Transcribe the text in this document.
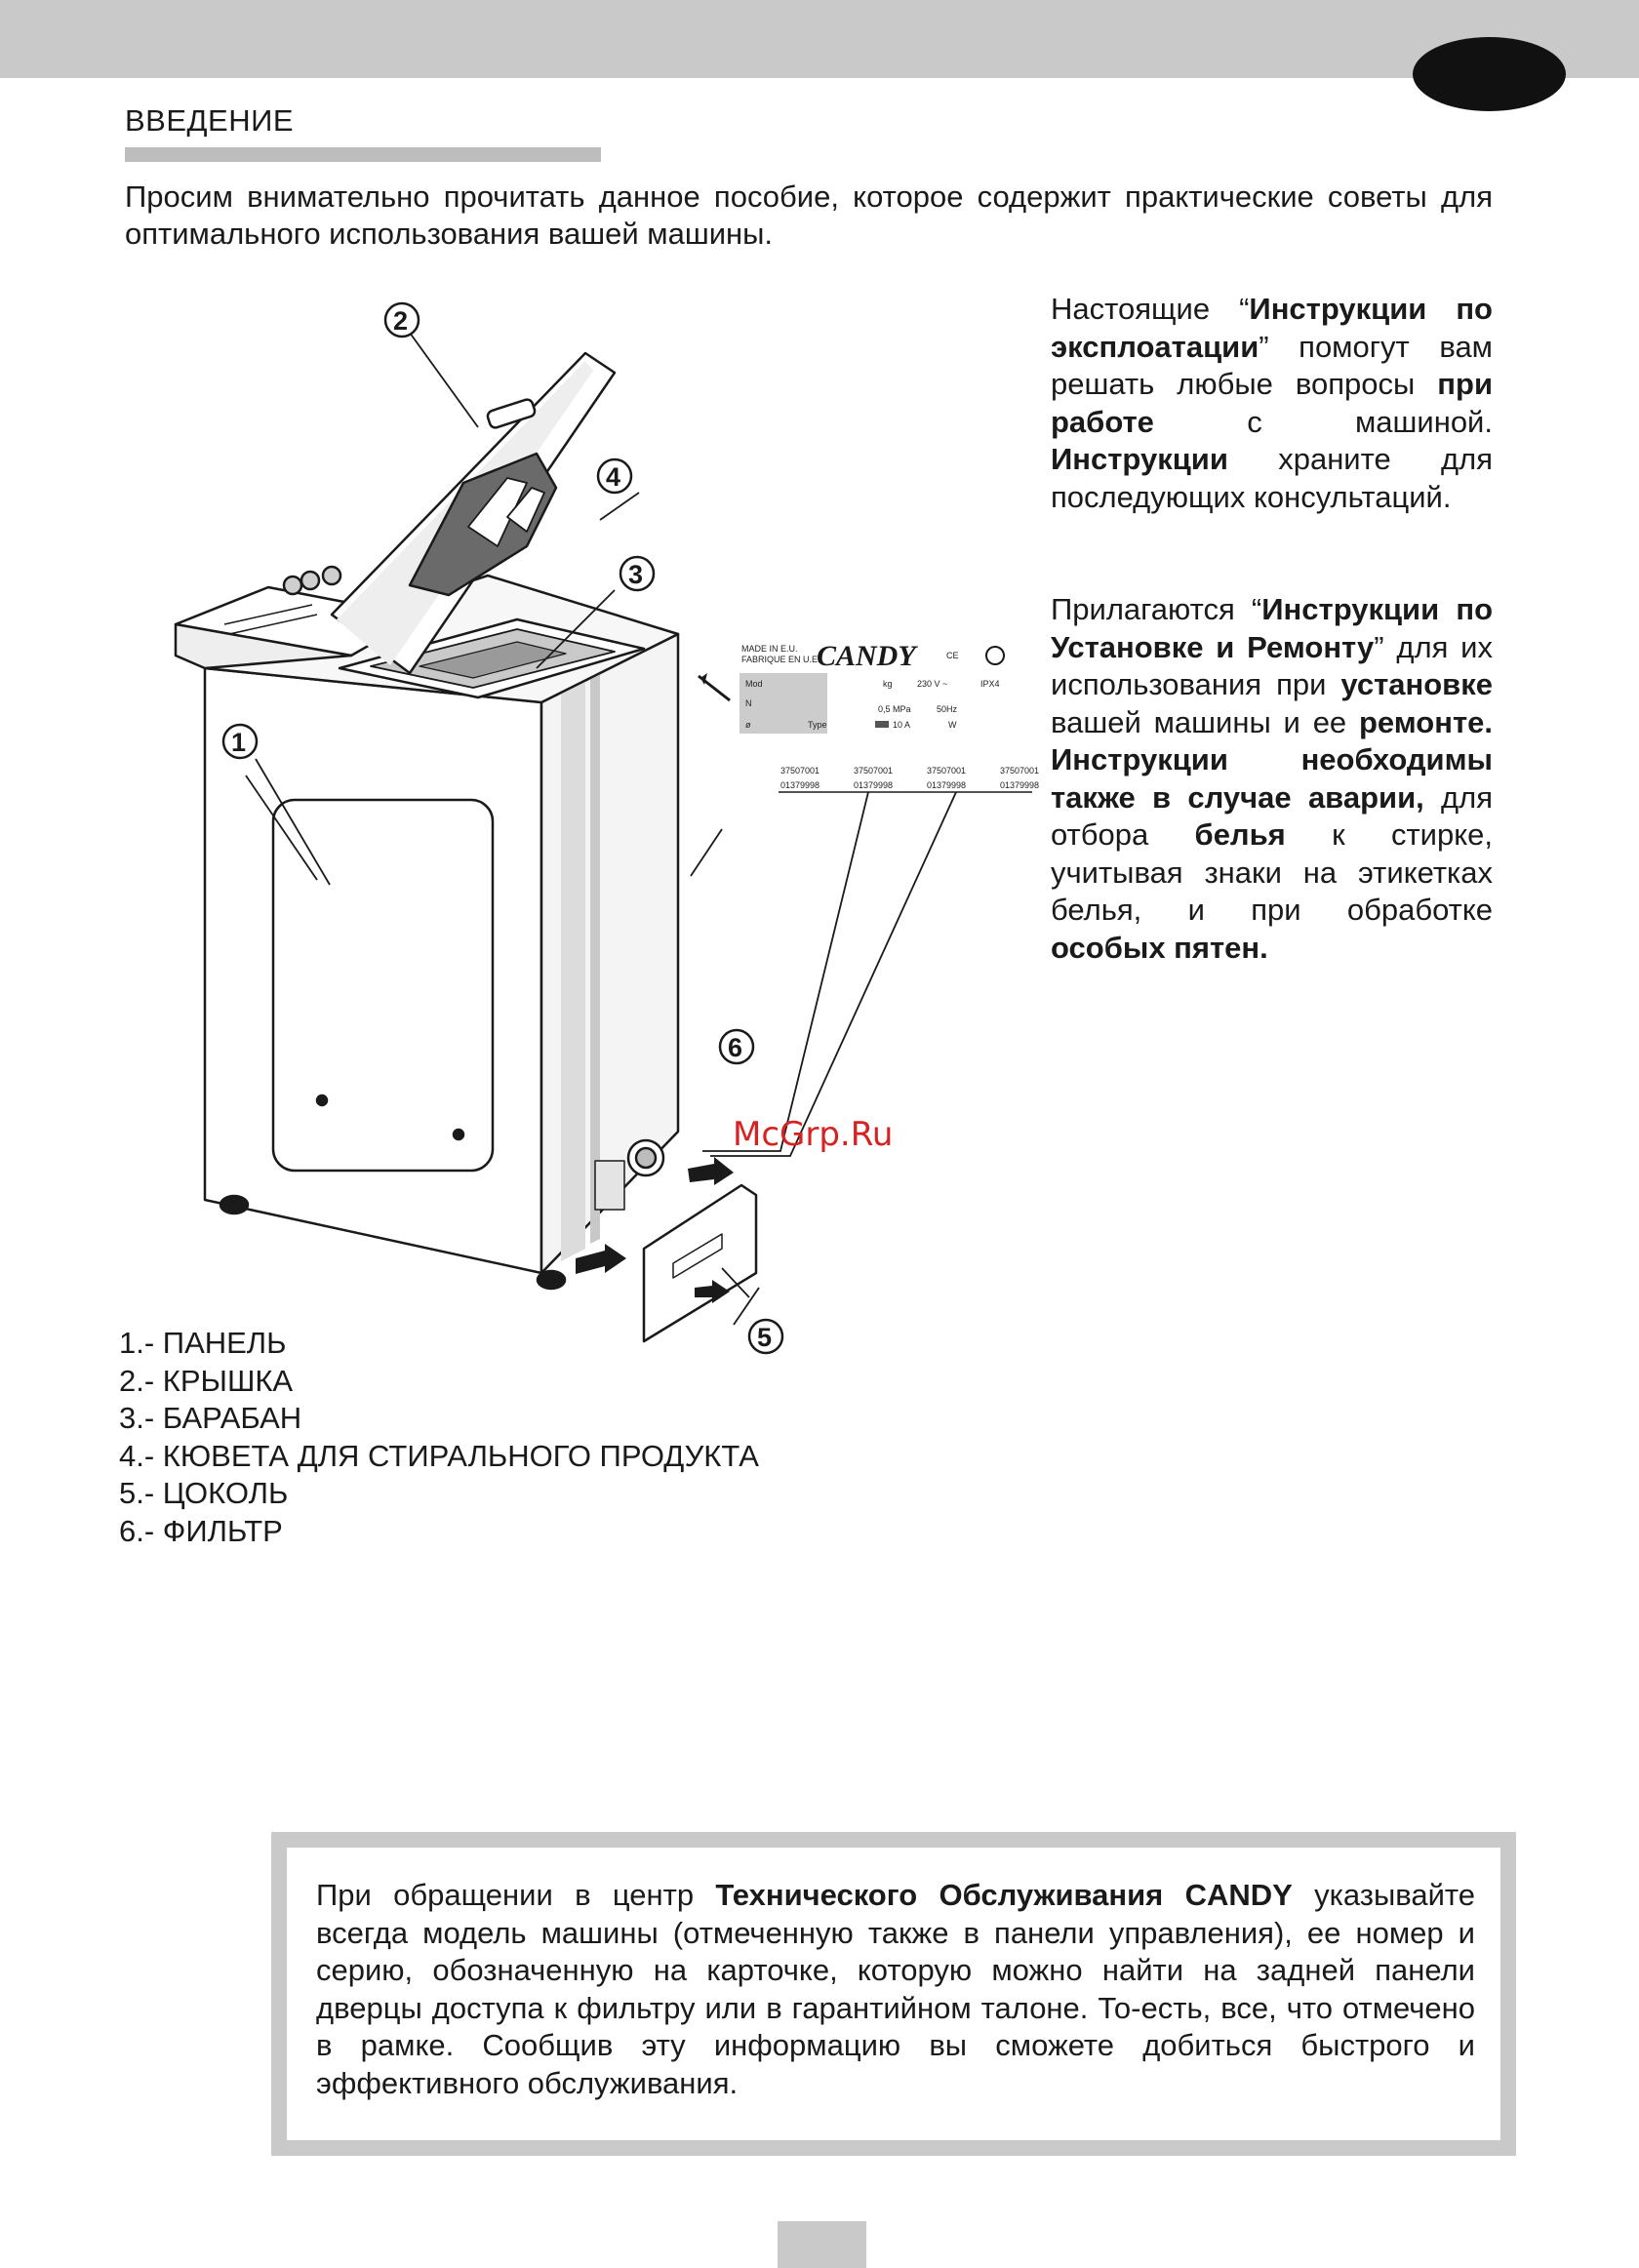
ВВЕДЕНИЕ

Просим внимательно прочитать данное пособие, которое содержит практические советы для оптимального использования вашей машины.

Настоящие “Инструкции по эксплоатации” помогут вам решать любые вопросы при работе с машиной. Инструкции храните для последующих консультаций.

Прилагаются “Инструкции по Установке и Ремонту” для их использования при установке вашей машины и ее ремонте. Инструкции необходимы также в случае аварии, для отбора белья к стирке, учитывая знаки на этикетках белья, и при обработке особых пятен.

MADE IN E.U.
FABRIQUE EN U.E.
CANDY	CE
Mod
N
ø	Type
kg	230 V ~	IPX4
0,5 MPa	50Hz
10 A	W
37507001
01379998
37507001
01379998
37507001
01379998
37507001
01379998
1
2
3
4
5
6
McGrp.Ru
1.- ПАНЕЛЬ
2.- КРЫШКА
3.- БАРАБАН
4.- КЮВЕТА ДЛЯ СТИРАЛЬНОГО ПРОДУКТА
5.- ЦОКОЛЬ
6.- ФИЛЬТР

При обращении в центр Технического Обслуживания CANDY указывайте всегда модель машины (отмеченную также в панели управления), ее номер и серию, обозначенную на карточке, которую можно найти на задней панели дверцы доступа к фильтру или в гарантийном талоне. То-есть, все, что отмечено в рамке. Сообщив эту информацию вы сможете добиться быстрого и эффективного обслуживания.
